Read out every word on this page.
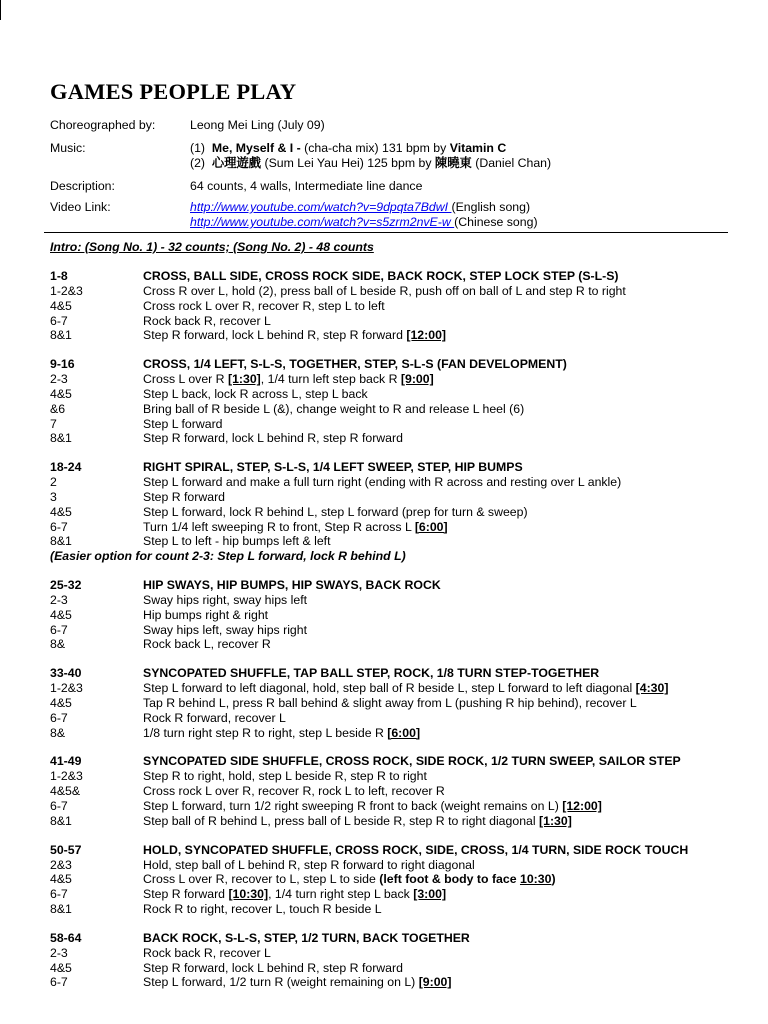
GAMES PEOPLE PLAY
Choreographed by:	Leong Mei Ling (July 09)
Music:	(1) Me, Myself & I - (cha-cha mix) 131 bpm by Vitamin C
(2) 心理遊戲 (Sum Lei Yau Hei) 125 bpm by 陳曉東 (Daniel Chan)
Description:	64 counts, 4 walls, Intermediate line dance
Video Link:	http://www.youtube.com/watch?v=9dpqta7BdwI (English song)
http://www.youtube.com/watch?v=s5zrm2nvE-w (Chinese song)
Intro: (Song No. 1) - 32 counts; (Song No. 2) - 48 counts
1-8	CROSS, BALL SIDE, CROSS ROCK SIDE, BACK ROCK, STEP LOCK STEP (S-L-S)
1-2&3	Cross R over L, hold (2), press ball of L beside R, push off on ball of L and step R to right
4&5	Cross rock L over R, recover R, step L to left
6-7	Rock back R, recover L
8&1	Step R forward, lock L behind R, step R forward [12:00]
9-16	CROSS, 1/4 LEFT, S-L-S, TOGETHER, STEP, S-L-S (FAN DEVELOPMENT)
2-3	Cross L over R [1:30], 1/4 turn left step back R [9:00]
4&5	Step L back, lock R across L, step L back
&6	Bring ball of R beside L (&), change weight to R and release L heel (6)
7	Step L forward
8&1	Step R forward, lock L behind R, step R forward
18-24	RIGHT SPIRAL, STEP, S-L-S, 1/4 LEFT SWEEP, STEP, HIP BUMPS
2	Step L forward and make a full turn right (ending with R across and resting over L ankle)
3	Step R forward
4&5	Step L forward, lock R behind L, step L forward (prep for turn & sweep)
6-7	Turn 1/4 left sweeping R to front, Step R across L [6:00]
8&1	Step L to left - hip bumps left & left
(Easier option for count 2-3: Step L forward, lock R behind L)
25-32	HIP SWAYS, HIP BUMPS, HIP SWAYS, BACK ROCK
2-3	Sway hips right, sway hips left
4&5	Hip bumps right & right
6-7	Sway hips left, sway hips right
8&	Rock back L, recover R
33-40	SYNCOPATED SHUFFLE, TAP BALL STEP, ROCK, 1/8 TURN STEP-TOGETHER
1-2&3	Step L forward to left diagonal, hold, step ball of R beside L, step L forward to left diagonal [4:30]
4&5	Tap R behind L, press R ball behind & slight away from L (pushing R hip behind), recover L
6-7	Rock R forward, recover L
8&	1/8 turn right step R to right, step L beside R [6:00]
41-49	SYNCOPATED SIDE SHUFFLE, CROSS ROCK, SIDE ROCK, 1/2 TURN SWEEP, SAILOR STEP
1-2&3	Step R to right, hold, step L beside R, step R to right
4&5&	Cross rock L over R, recover R, rock L to left, recover R
6-7	Step L forward, turn 1/2 right sweeping R front to back (weight remains on L) [12:00]
8&1	Step ball of R behind L, press ball of L beside R, step R to right diagonal [1:30]
50-57	HOLD, SYNCOPATED SHUFFLE, CROSS ROCK, SIDE, CROSS, 1/4 TURN, SIDE ROCK TOUCH
2&3	Hold, step ball of L behind R, step R forward to right diagonal
4&5	Cross L over R, recover to L, step L to side (left foot & body to face 10:30)
6-7	Step R forward [10:30], 1/4 turn right step L back [3:00]
8&1	Rock R to right, recover L, touch R beside L
58-64	BACK ROCK, S-L-S, STEP, 1/2 TURN, BACK TOGETHER
2-3	Rock back R, recover L
4&5	Step R forward, lock L behind R, step R forward
6-7	Step L forward, 1/2 turn R (weight remaining on L) [9:00]
